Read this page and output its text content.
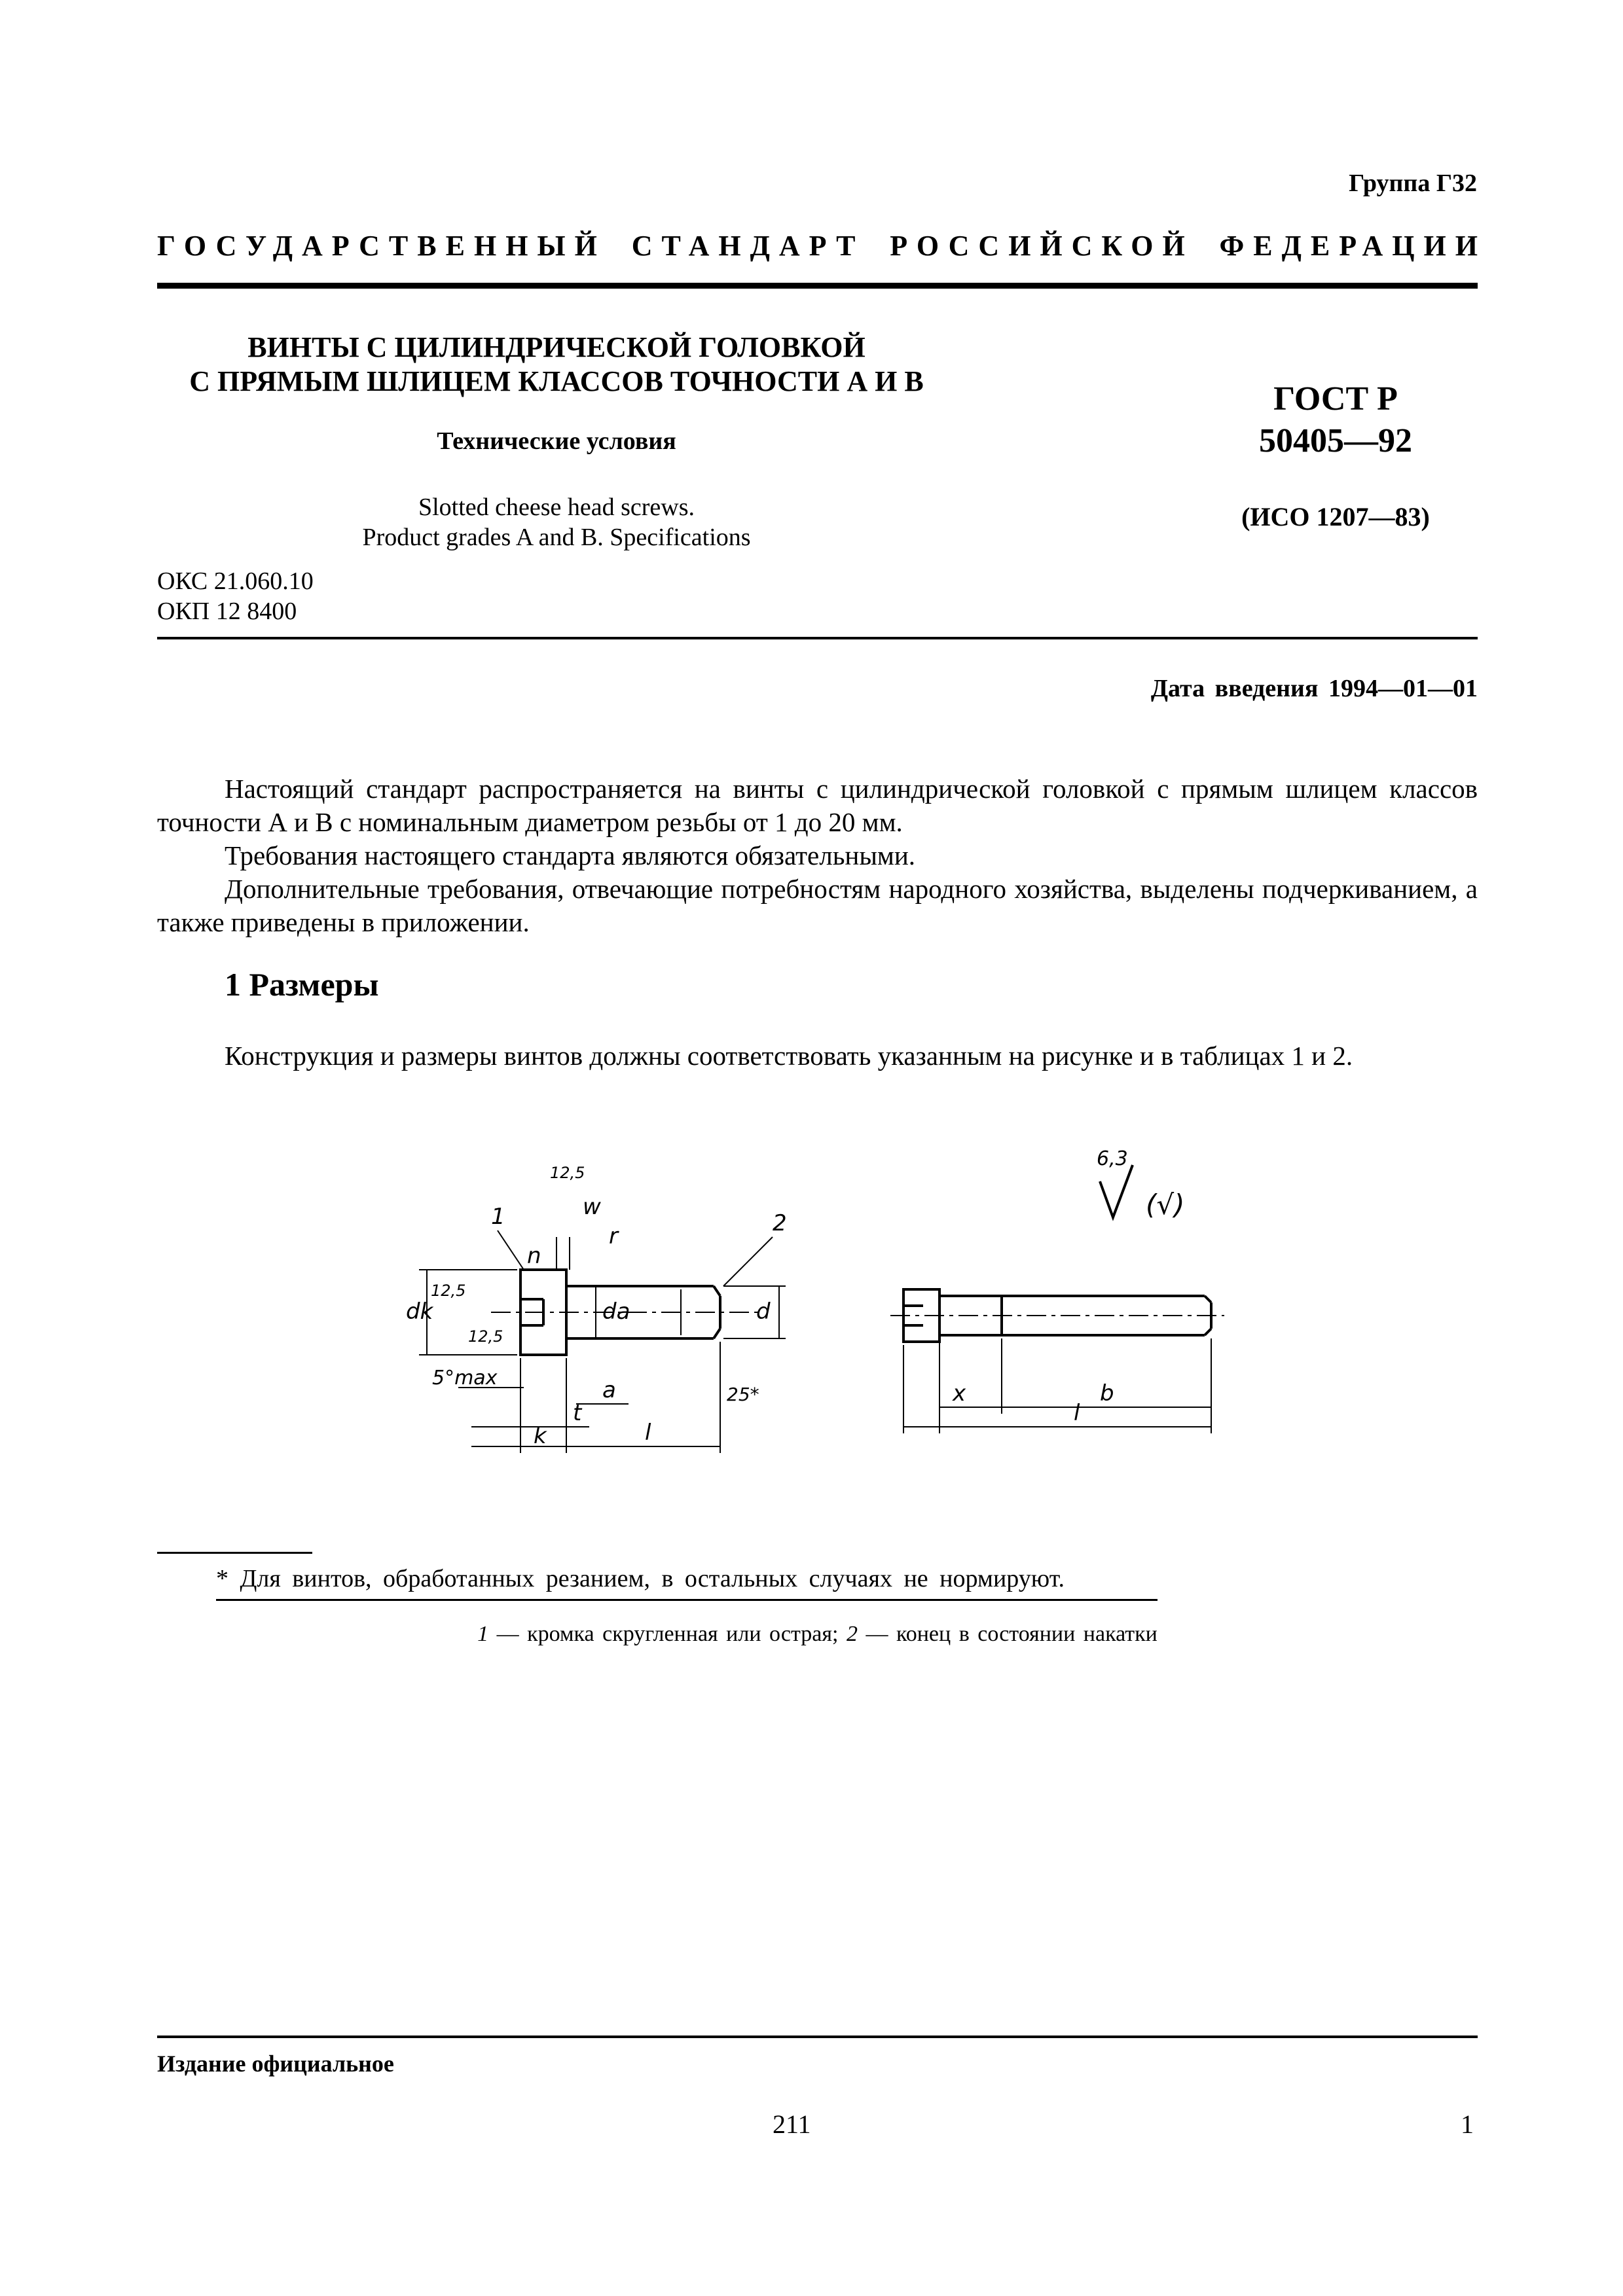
Группа Г32
ГОСУДАРСТВЕННЫЙ СТАНДАРТ РОССИЙСКОЙ ФЕДЕРАЦИИ
ВИНТЫ С ЦИЛИНДРИЧЕСКОЙ ГОЛОВКОЙ
С ПРЯМЫМ ШЛИЦЕМ КЛАССОВ ТОЧНОСТИ А И В
Технические условия
Slotted cheese head screws.
Product grades A and B. Specifications
ГОСТ Р
50405—92
(ИСО 1207—83)
ОКС 21.060.10
ОКП 12 8400
Дата введения 1994—01—01

Настоящий стандарт распространяется на винты с цилиндрической головкой с прямым шлицем классов точности А и В с номинальным диаметром резьбы от 1 до 20 мм.

Требования настоящего стандарта являются обязательными.

Дополнительные требования, отвечающие потребностям народного хозяйства, выделены подчеркиванием, а также приведены в приложении.

1 Размеры

Конструкция и размеры винтов должны соответствовать указанным на рисунке и в таблицах 1 и 2.

1	2
w
r
dk	da	d
n
12,5
12,5
12,5
5°max	a
t
k	l
25*
6,3
(√)
x	b
l
* Для винтов, обработанных резанием, в остальных случаях не нормируют.
1 — кромка скругленная или острая; 2 — конец в состоянии накатки
Издание официальное
211	1
